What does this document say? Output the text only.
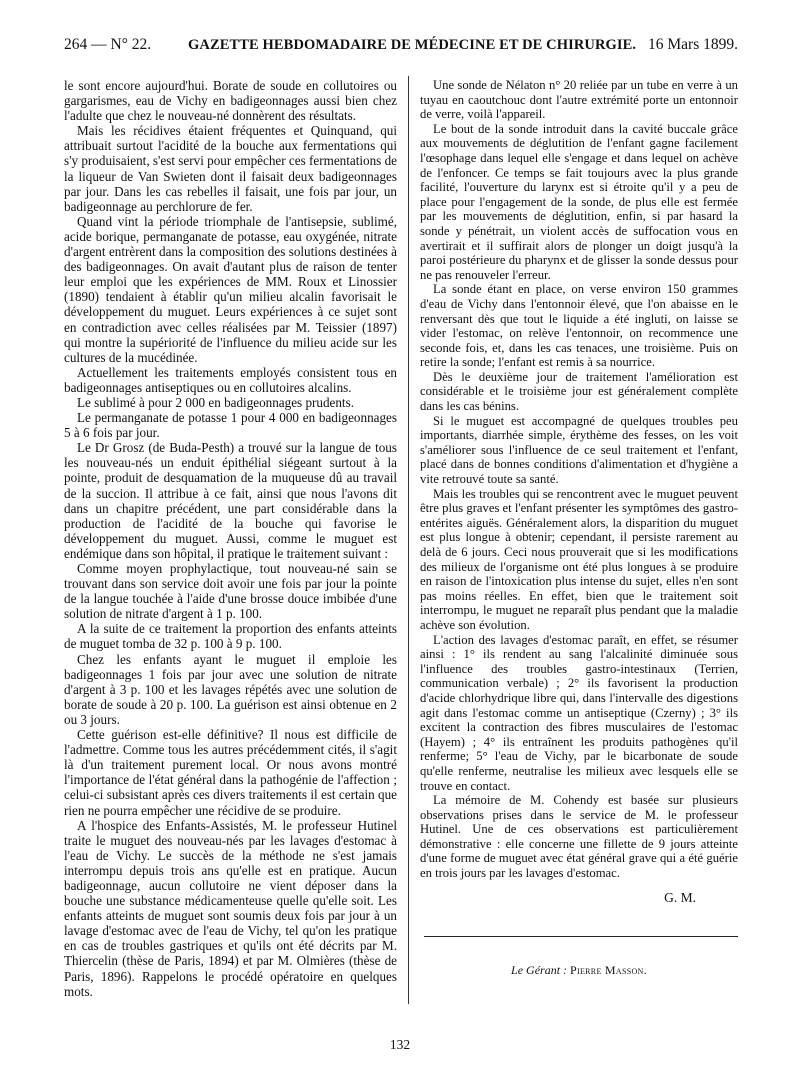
264 — N° 22.	GAZETTE HEBDOMADAIRE DE MÉDECINE ET DE CHIRURGIE. 16 Mars 1899.

le sont encore aujourd'hui. Borate de soude en collutoires ou gargarismes, eau de Vichy en badigeonnages aussi bien chez l'adulte que chez le nouveau-né donnèrent des résultats.

Mais les récidives étaient fréquentes et Quinquand, qui attribuait surtout l'acidité de la bouche aux fermentations qui s'y produisaient, s'est servi pour empêcher ces fermentations de la liqueur de Van Swieten dont il faisait deux badigeonnages par jour. Dans les cas rebelles il faisait, une fois par jour, un badigeonnage au perchlorure de fer.

Quand vint la période triomphale de l'antisepsie, sublimé, acide borique, permanganate de potasse, eau oxygénée, nitrate d'argent entrèrent dans la composition des solutions destinées à des badigeonnages. On avait d'autant plus de raison de tenter leur emploi que les expériences de MM. Roux et Linossier (1890) tendaient à établir qu'un milieu alcalin favorisait le développement du muguet. Leurs expériences à ce sujet sont en contradiction avec celles réalisées par M. Teissier (1897) qui montre la supériorité de l'influence du milieu acide sur les cultures de la mucédinée.

Actuellement les traitements employés consistent tous en badigeonnages antiseptiques ou en collutoires alcalins.

Le sublimé à pour 2 000 en badigeonnages prudents.

Le permanganate de potasse 1 pour 4 000 en badigeonnages 5 à 6 fois par jour.

Le Dr Grosz (de Buda-Pesth) a trouvé sur la langue de tous les nouveau-nés un enduit épithélial siégeant surtout à la pointe, produit de desquamation de la muqueuse dû au travail de la succion. Il attribue à ce fait, ainsi que nous l'avons dit dans un chapitre précédent, une part considérable dans la production de l'acidité de la bouche qui favorise le développement du muguet. Aussi, comme le muguet est endémique dans son hôpital, il pratique le traitement suivant :

Comme moyen prophylactique, tout nouveau-né sain se trouvant dans son service doit avoir une fois par jour la pointe de la langue touchée à l'aide d'une brosse douce imbibée d'une solution de nitrate d'argent à 1 p. 100.

A la suite de ce traitement la proportion des enfants atteints de muguet tomba de 32 p. 100 à 9 p. 100.

Chez les enfants ayant le muguet il emploie les badigeonnages 1 fois par jour avec une solution de nitrate d'argent à 3 p. 100 et les lavages répétés avec une solution de borate de soude à 20 p. 100. La guérison est ainsi obtenue en 2 ou 3 jours.

Cette guérison est-elle définitive? Il nous est difficile de l'admettre. Comme tous les autres précédemment cités, il s'agit là d'un traitement purement local. Or nous avons montré l'importance de l'état général dans la pathogénie de l'affection ; celui-ci subsistant après ces divers traitements il est certain que rien ne pourra empêcher une récidive de se produire.

A l'hospice des Enfants-Assistés, M. le professeur Hutinel traite le muguet des nouveau-nés par les lavages d'estomac à l'eau de Vichy. Le succès de la méthode ne s'est jamais interrompu depuis trois ans qu'elle est en pratique. Aucun badigeonnage, aucun collutoire ne vient déposer dans la bouche une substance médicamenteuse quelle qu'elle soit. Les enfants atteints de muguet sont soumis deux fois par jour à un lavage d'estomac avec de l'eau de Vichy, tel qu'on les pratique en cas de troubles gastriques et qu'ils ont été décrits par M. Thiercelin (thèse de Paris, 1894) et par M. Olmières (thèse de Paris, 1896). Rappelons le procédé opératoire en quelques mots.

Une sonde de Nélaton n° 20 reliée par un tube en verre à un tuyau en caoutchouc dont l'autre extrémité porte un entonnoir de verre, voilà l'appareil.

Le bout de la sonde introduit dans la cavité buccale grâce aux mouvements de déglutition de l'enfant gagne facilement l'œsophage dans lequel elle s'engage et dans lequel on achève de l'enfoncer. Ce temps se fait toujours avec la plus grande facilité, l'ouverture du larynx est si étroite qu'il y a peu de place pour l'engagement de la sonde, de plus elle est fermée par les mouvements de déglutition, enfin, si par hasard la sonde y pénétrait, un violent accès de suffocation vous en avertirait et il suffirait alors de plonger un doigt jusqu'à la paroi postérieure du pharynx et de glisser la sonde dessus pour ne pas renouveler l'erreur.

La sonde étant en place, on verse environ 150 grammes d'eau de Vichy dans l'entonnoir élevé, que l'on abaisse en le renversant dès que tout le liquide a été ingluti, on laisse se vider l'estomac, on relève l'entonnoir, on recommence une seconde fois, et, dans les cas tenaces, une troisième. Puis on retire la sonde; l'enfant est remis à sa nourrice.

Dès le deuxième jour de traitement l'amélioration est considérable et le troisième jour est généralement complète dans les cas bénins.

Si le muguet est accompagné de quelques troubles peu importants, diarrhée simple, érythème des fesses, on les voit s'améliorer sous l'influence de ce seul traitement et l'enfant, placé dans de bonnes conditions d'alimentation et d'hygiène a vite retrouvé toute sa santé.

Mais les troubles qui se rencontrent avec le muguet peuvent être plus graves et l'enfant présenter les symptômes des gastro-entérites aiguës. Généralement alors, la disparition du muguet est plus longue à obtenir; cependant, il persiste rarement au delà de 6 jours. Ceci nous prouverait que si les modifications des milieux de l'organisme ont été plus longues à se produire en raison de l'intoxication plus intense du sujet, elles n'en sont pas moins réelles. En effet, bien que le traitement soit interrompu, le muguet ne reparaît plus pendant que la maladie achève son évolution.

L'action des lavages d'estomac paraît, en effet, se résumer ainsi : 1° ils rendent au sang l'alcalinité diminuée sous l'influence des troubles gastro-intestinaux (Terrien, communication verbale) ; 2° ils favorisent la production d'acide chlorhydrique libre qui, dans l'intervalle des digestions agit dans l'estomac comme un antiseptique (Czerny) ; 3° ils excitent la contraction des fibres musculaires de l'estomac (Hayem) ; 4° ils entraînent les produits pathogènes qu'il renferme; 5° l'eau de Vichy, par le bicarbonate de soude qu'elle renferme, neutralise les milieux avec lesquels elle se trouve en contact.

La mémoire de M. Cohendy est basée sur plusieurs observations prises dans le service de M. le professeur Hutinel. Une de ces observations est particulièrement démonstrative : elle concerne une fillette de 9 jours atteinte d'une forme de muguet avec état général grave qui a été guérie en trois jours par les lavages d'estomac.

G. M.
Le Gérant : Pierre Masson.
132
